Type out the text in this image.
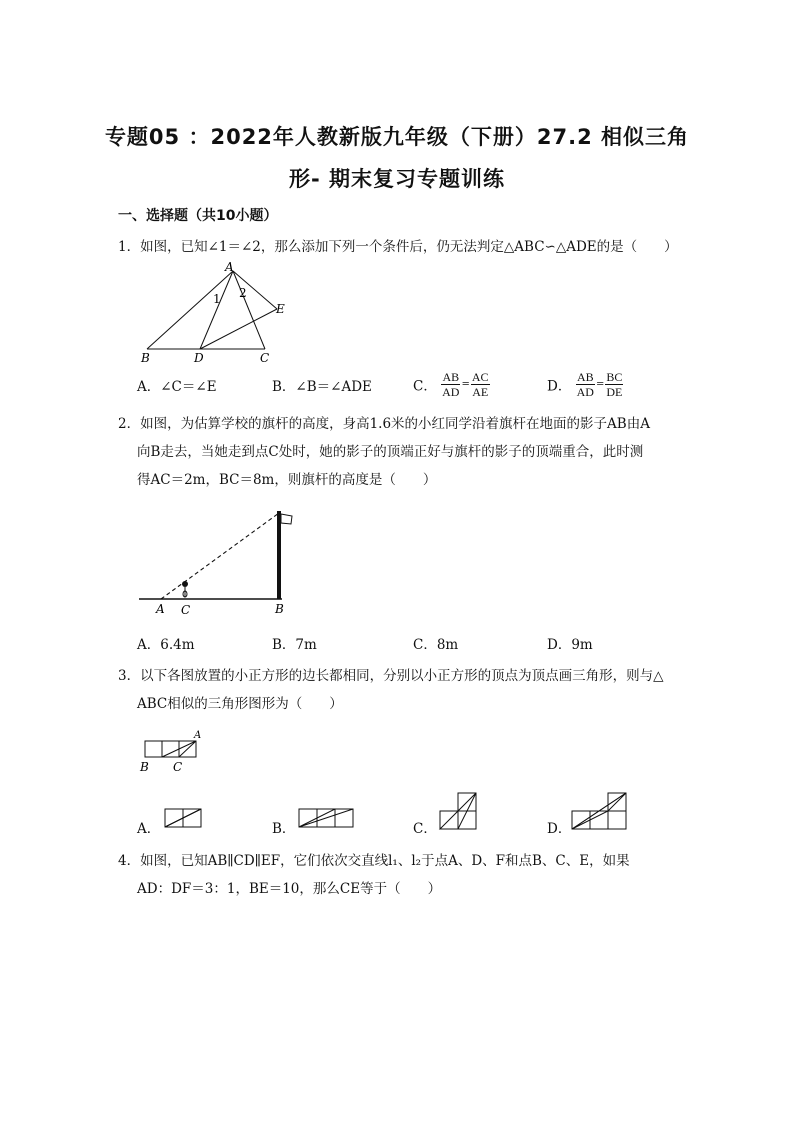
专题05 ：2022年人教新版九年级（下册）27.2 相似三角
形- 期末复习专题训练
一、选择题（共10小题）
1．如图，已知∠1＝∠2，那么添加下列一个条件后，仍无法判定△ABC∽△ADE的是（　　）
A
B	D	C
E
1 2
A．∠C＝∠E	B．∠B＝∠ADE	C． $\frac{AB}{AD} = \frac{AC}{AE}$	D． $\frac{AB}{AD} = \frac{BC}{DE}$
2．如图，为估算学校的旗杆的高度，身高1.6米的小红同学沿着旗杆在地面的影子AB由A
向B走去，当她走到点C处时，她的影子的顶端正好与旗杆的影子的顶端重合，此时测
得AC＝2m，BC＝8m，则旗杆的高度是（　　）
A C	B
A．6.4m	B．7m	C．8m	D．9m
3．以下各图放置的小正方形的边长都相同，分别以小正方形的顶点为顶点画三角形，则与△
ABC相似的三角形图形为（　　）
A
B C
A．	B．	C．	D．
4．如图，已知AB∥CD∥EF，它们依次交直线l₁、l₂于点A、D、F和点B、C、E，如果
AD：DF＝3：1，BE＝10，那么CE等于（　　）
